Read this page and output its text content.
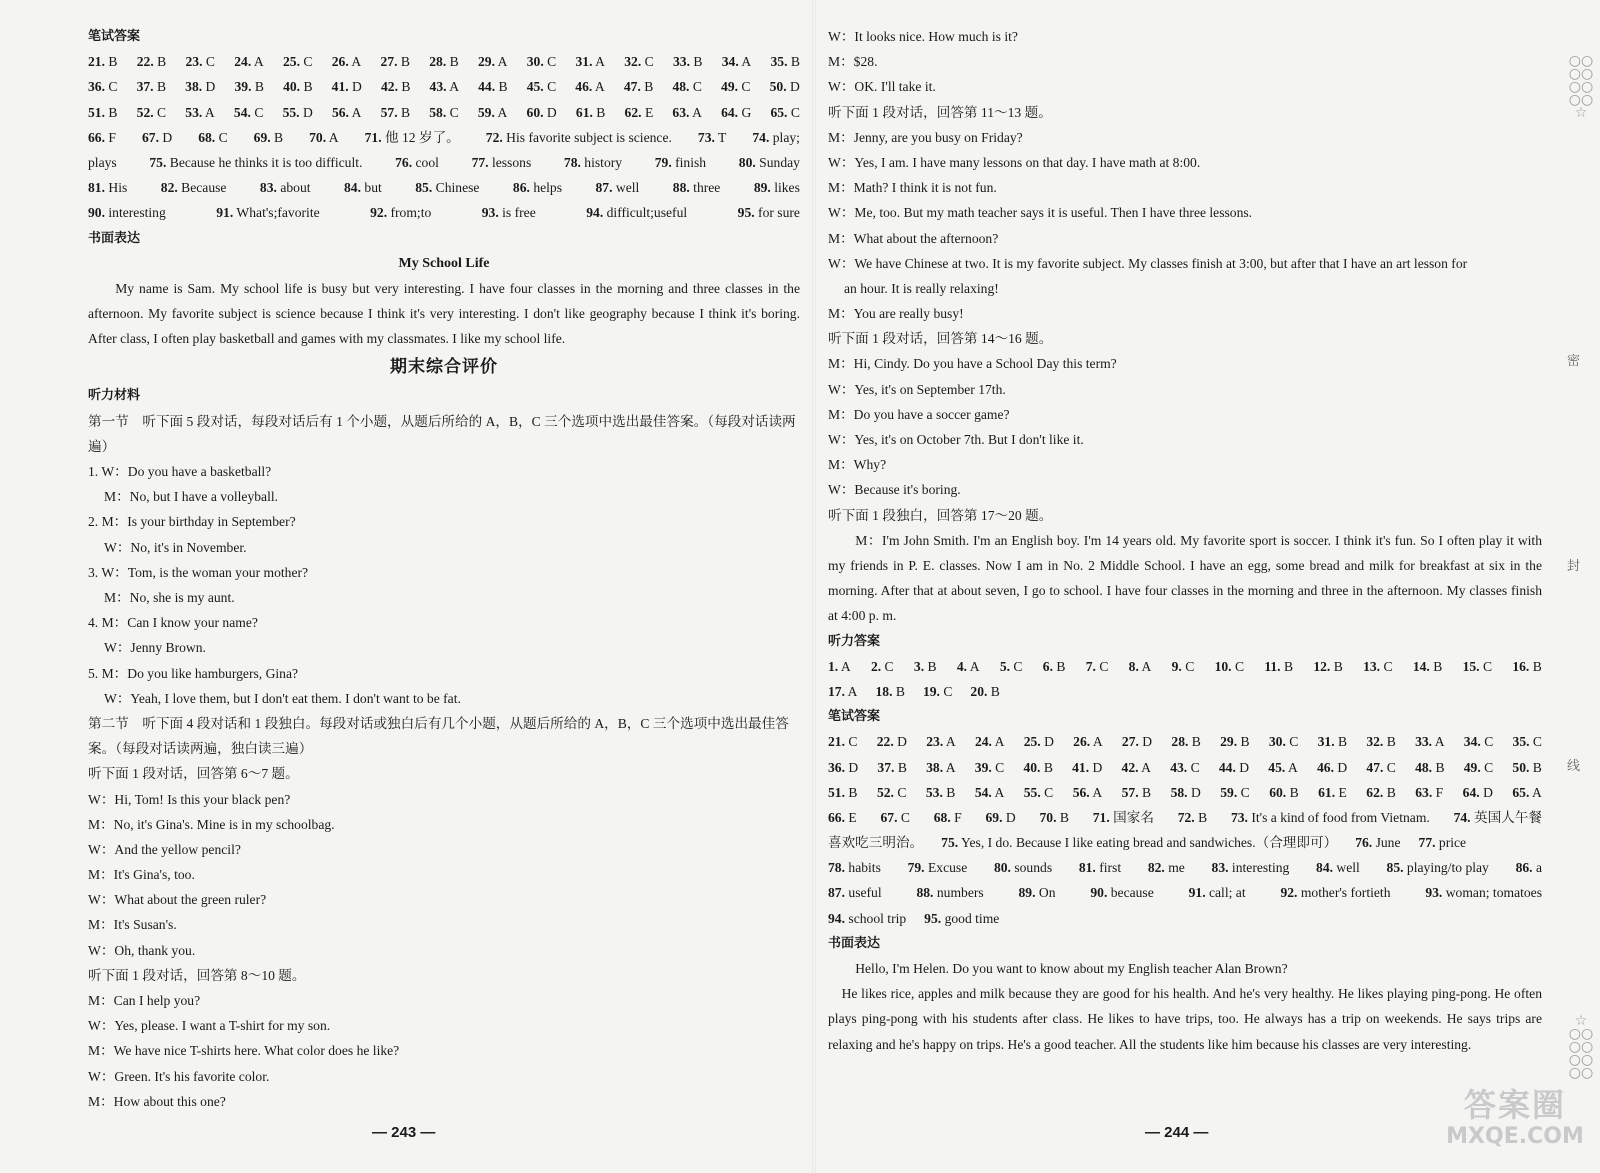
笔试答案
21. B 22. B 23. C 24. A 25. C 26. A 27. B 28. B 29. A 30. C 31. A 32. C 33. B 34. A 35. B
36. C 37. B 38. D 39. B 40. B 41. D 42. B 43. A 44. B 45. C 46. A 47. B 48. C 49. C 50. D
51. B 52. C 53. A 54. C 55. D 56. A 57. B 58. C 59. A 60. D 61. B 62. E 63. A 64. G 65. C
66. F 67. D 68. C 69. B 70. A 71. 他 12 岁了。 72. His favorite subject is science. 73. T 74. play;
plays 75. Because he thinks it is too difficult. 76. cool 77. lessons 78. history 79. finish 80. Sunday
81. His 82. Because 83. about 84. but 85. Chinese 86. helps 87. well 88. three 89. likes
90. interesting	91. What's;favorite	92. from;to	93. is free	94. difficult;useful	95. for sure
书面表达
My School Life
My name is Sam. My school life is busy but very interesting. I have four classes in the morning and three classes in the afternoon. My favorite subject is science because I think it's very interesting. I don't like geography because I think it's boring. After class, I often play basketball and games with my classmates. I like my school life.
期末综合评价
听力材料
第一节　听下面 5 段对话，每段对话后有 1 个小题，从题后所给的 A，B，C 三个选项中选出最佳答案。（每段对话读两遍）
1. W：Do you have a basketball?
M：No, but I have a volleyball.
2. M：Is your birthday in September?
W：No, it's in November.
3. W：Tom, is the woman your mother?
M：No, she is my aunt.
4. M：Can I know your name?
W：Jenny Brown.
5. M：Do you like hamburgers, Gina?
W：Yeah, I love them, but I don't eat them. I don't want to be fat.
第二节　听下面 4 段对话和 1 段独白。每段对话或独白后有几个小题，从题后所给的 A，B，C 三个选项中选出最佳答案。（每段对话读两遍，独白读三遍）
听下面 1 段对话，回答第 6～7 题。
W：Hi, Tom! Is this your black pen?
M：No, it's Gina's. Mine is in my schoolbag.
W：And the yellow pencil?
M：It's Gina's, too.
W：What about the green ruler?
M：It's Susan's.
W：Oh, thank you.
听下面 1 段对话，回答第 8～10 题。
M：Can I help you?
W：Yes, please. I want a T-shirt for my son.
M：We have nice T-shirts here. What color does he like?
W：Green. It's his favorite color.
M：How about this one?
— 243 —
W：It looks nice. How much is it?
M：$28.
W：OK. I'll take it.
听下面 1 段对话，回答第 11～13 题。
M：Jenny, are you busy on Friday?
W：Yes, I am. I have many lessons on that day. I have math at 8:00.
M：Math? I think it is not fun.
W：Me, too. But my math teacher says it is useful. Then I have three lessons.
M：What about the afternoon?
W：We have Chinese at two. It is my favorite subject. My classes finish at 3:00, but after that I have an art lesson for
an hour. It is really relaxing!
M：You are really busy!
听下面 1 段对话，回答第 14～16 题。
M：Hi, Cindy. Do you have a School Day this term?
W：Yes, it's on September 17th.
M：Do you have a soccer game?
W：Yes, it's on October 7th. But I don't like it.
M：Why?
W：Because it's boring.
听下面 1 段独白，回答第 17～20 题。
M：I'm John Smith. I'm an English boy. I'm 14 years old. My favorite sport is soccer. I think it's fun. So I often play it with my friends in P. E. classes. Now I am in No. 2 Middle School. I have an egg, some bread and milk for breakfast at six in the morning. After that at about seven, I go to school. I have four classes in the morning and three in the afternoon. My classes finish at 4:00 p. m.
听力答案
1. A 2. C 3. B 4. A 5. C 6. B 7. C 8. A 9. C 10. C 11. B 12. B 13. C 14. B 15. C 16. B
17. A 18. B 19. C 20. B
笔试答案
21. C 22. D 23. A 24. A 25. D 26. A 27. D 28. B 29. B 30. C 31. B 32. B 33. A 34. C 35. C
36. D 37. B 38. A 39. C 40. B 41. D 42. A 43. C 44. D 45. A 46. D 47. C 48. B 49. C 50. B
51. B 52. C 53. B 54. A 55. C 56. A 57. B 58. D 59. C 60. B 61. E 62. B 63. F 64. D 65. A
66. E 67. C 68. F 69. D 70. B 71. 国家名 72. B 73. It's a kind of food from Vietnam. 74. 英国人午餐
喜欢吃三明治。 75. Yes, I do. Because I like eating bread and sandwiches.（合理即可） 76. June 77. price
78. habits 79. Excuse 80. sounds 81. first 82. me 83. interesting 84. well 85. playing/to play 86. a
87. useful	88. numbers	89. On	90. because	91. call; at	92. mother's fortieth	93. woman; tomatoes
94. school trip 95. good time
书面表达
Hello, I'm Helen. Do you want to know about my English teacher Alan Brown?
He likes rice, apples and milk because they are good for his health. And he's very healthy. He likes playing ping-pong. He often plays ping-pong with his students after class. He likes to have trips, too. He always has a trip on weekends. He says trips are relaxing and he's happy on trips. He's a good teacher. All the students like him because his classes are very interesting.
— 244 —
○○
○○
○○
○○
☆
密
封
线
☆
○○
○○
○○
○○
答案圈
MXQE.COM
